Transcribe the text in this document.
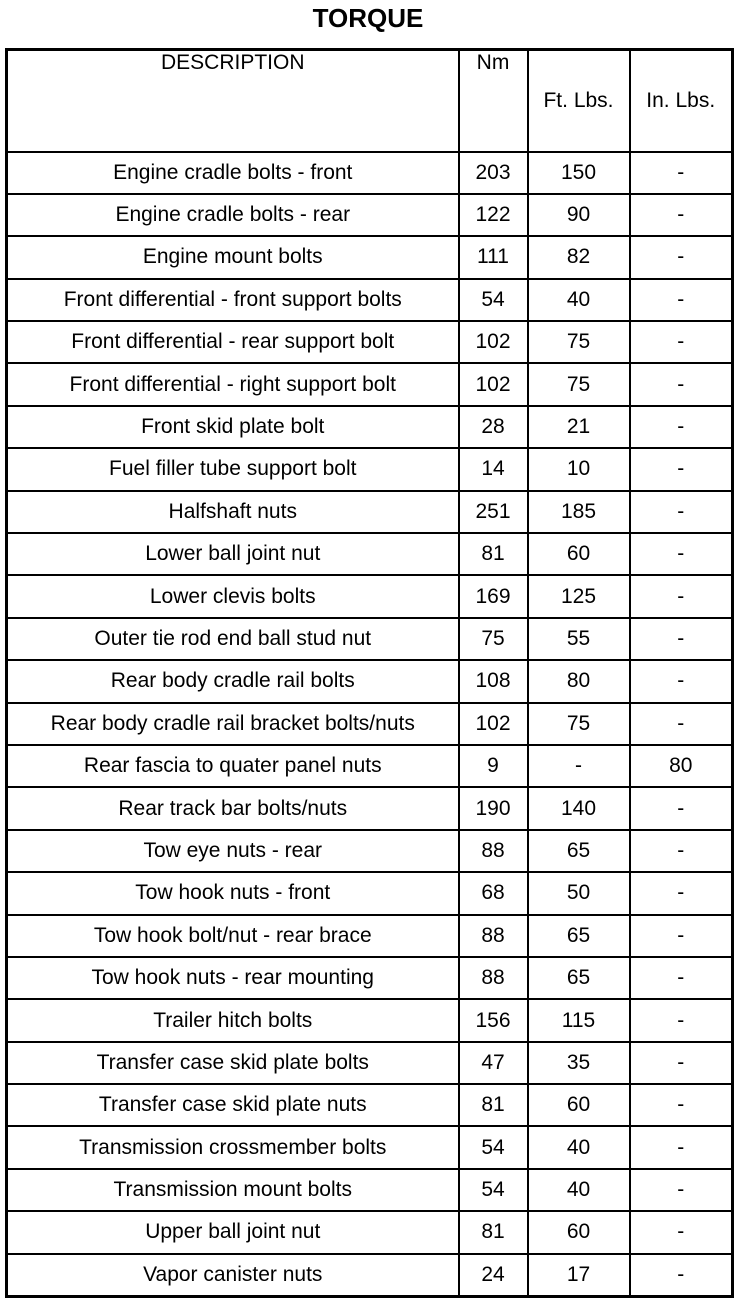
TORQUE
DESCRIPTION	Nm	Ft. Lbs.	In. Lbs.
Engine cradle bolts - front	203	150	-
Engine cradle bolts - rear	122	90	-
Engine mount bolts	111	82	-
Front differential - front support bolts	54	40	-
Front differential - rear support bolt	102	75	-
Front differential - right support bolt	102	75	-
Front skid plate bolt	28	21	-
Fuel filler tube support bolt	14	10	-
Halfshaft nuts	251	185	-
Lower ball joint nut	81	60	-
Lower clevis bolts	169	125	-
Outer tie rod end ball stud nut	75	55	-
Rear body cradle rail bolts	108	80	-
Rear body cradle rail bracket bolts/nuts	102	75	-
Rear fascia to quater panel nuts	9	-	80
Rear track bar bolts/nuts	190	140	-
Tow eye nuts - rear	88	65	-
Tow hook nuts - front	68	50	-
Tow hook bolt/nut - rear brace	88	65	-
Tow hook nuts - rear mounting	88	65	-
Trailer hitch bolts	156	115	-
Transfer case skid plate bolts	47	35	-
Transfer case skid plate nuts	81	60	-
Transmission crossmember bolts	54	40	-
Transmission mount bolts	54	40	-
Upper ball joint nut	81	60	-
Vapor canister nuts	24	17	-
